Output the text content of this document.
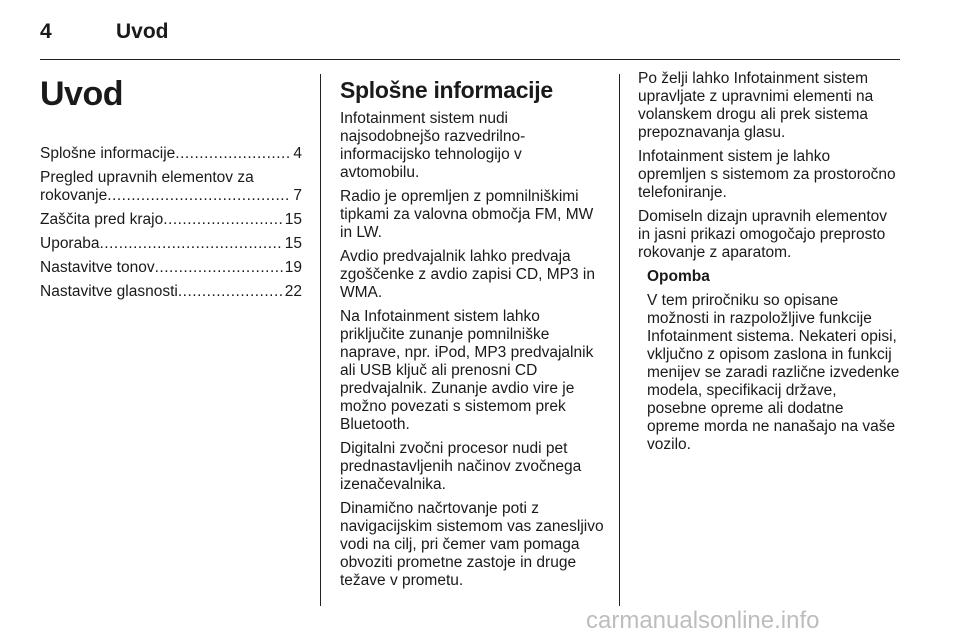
4	Uvod
Uvod
Splošne informacije .....	4
Pregled upravnih elementov za
rokovanje .....	7
Zaščita pred krajo .....	15
Uporaba .....	15
Nastavitve tonov .....	19
Nastavitve glasnosti .....	22
Splošne informacije

Infotainment sistem nudi najsodobnejšo razvedrilno-informacijsko tehnologijo v avtomobilu.

Radio je opremljen z pomnilniškimi tipkami za valovna območja FM, MW in LW.

Avdio predvajalnik lahko predvaja zgoščenke z avdio zapisi CD, MP3 in WMA.

Na Infotainment sistem lahko priključite zunanje pomnilniške naprave, npr. iPod, MP3 predvajalnik ali USB ključ ali prenosni CD predvajalnik. Zunanje avdio vire je možno povezati s sistemom prek Bluetooth.

Digitalni zvočni procesor nudi pet prednastavljenih načinov zvočnega izenačevalnika.

Dinamično načrtovanje poti z navigacijskim sistemom vas zanesljivo vodi na cilj, pri čemer vam pomaga obvoziti prometne zastoje in druge težave v prometu.

Po želji lahko Infotainment sistem upravljate z upravnimi elementi na volanskem drogu ali prek sistema prepoznavanja glasu.

Infotainment sistem je lahko opremljen s sistemom za prostoročno telefoniranje.

Domiseln dizajn upravnih elementov in jasni prikazi omogočajo preprosto rokovanje z aparatom.

Opomba

V tem priročniku so opisane možnosti in razpoložljive funkcije Infotainment sistema. Nekateri opisi, vključno z opisom zaslona in funkcij menijev se zaradi različne izvedenke modela, specifikacij države, posebne opreme ali dodatne opreme morda ne nanašajo na vaše vozilo.

carmanualsonline.info
